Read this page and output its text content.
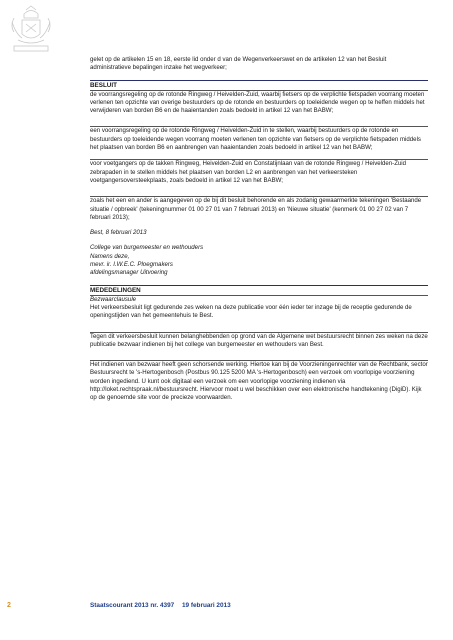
gelet op de artikelen 15 en 18, eerste lid onder d van de Wegenverkeerswet en de artikelen 12 van het Besluit administratieve bepalingen inzake het wegverkeer;

BESLUIT

de voorrangsregeling op de rotonde Ringweg / Heivelden-Zuid, waarbij fietsers op de verplichte fietspaden voorrang moeten verlenen ten opzichte van overige bestuurders op de rotonde en bestuurders op toeleidende wegen op te heffen middels het verwijderen van borden B6 en de haaientanden zoals bedoeld in artikel 12 van het BABW;

een voorrangsregeling op de rotonde Ringweg / Heivelden-Zuid in te stellen, waarbij bestuurders op de rotonde en bestuurders op toeleidende wegen voorrang moeten verlenen ten opzichte van fietsers op de verplichte fietspaden middels het plaatsen van borden B6 en aanbrengen van haaientanden zoals bedoeld in artikel 12 van het BABW;

voor voetgangers op de takken Ringweg, Heivelden-Zuid en Constatijnlaan van de rotonde Ringweg / Heivelden-Zuid zebrapaden in te stellen middels het plaatsen van borden L2 en aanbrengen van het verkeersteken voetgangersoversteekplaats, zoals bedoeld in artikel 12 van het BABW;

zoals het een en ander is aangegeven op de bij dit besluit behorende en als zodanig gewaarmerkte tekeningen 'Bestaande situatie / opbreek' (tekeningnummer 01 00 27 01 van 7 februari 2013) en 'Nieuwe situatie' (kenmerk 01 00 27 02 van 7 februari 2013);

Best, 8 februari 2013

College van burgemeester en wethouders

Namens deze,

mevr. ir. I.W.E.C. Ploegmakers

afdelingsmanager Uitvoering

MEDEDELINGEN

Bezwaarclausule

Het verkeersbesluit ligt gedurende zes weken na deze publicatie voor één ieder ter inzage bij de receptie gedurende de openingstijden van het gemeentehuis te Best.

Tegen dit verkeersbesluit kunnen belanghebbenden op grond van de Algemene wet bestuursrecht binnen zes weken na deze publicatie bezwaar indienen bij het college van burgemeester en wethouders van Best.

Het indienen van bezwaar heeft geen schorsende werking. Hiertoe kan bij de Voorzieningenrechter van de Rechtbank, sector Bestuursrecht te 's-Hertogenbosch (Postbus 90.125 5200 MA 's-Hertogenbosch) een verzoek om voorlopige voorziening worden ingediend. U kunt ook digitaal een verzoek om een voorlopige voorziening indienen via http://loket.rechtspraak.nl/bestuursrecht. Hiervoor moet u wel beschikken over een elektronische handtekening (DigiD). Kijk op de genoemde site voor de precieze voorwaarden.

2	Staatscourant 2013 nr. 4397 19 februari 2013
